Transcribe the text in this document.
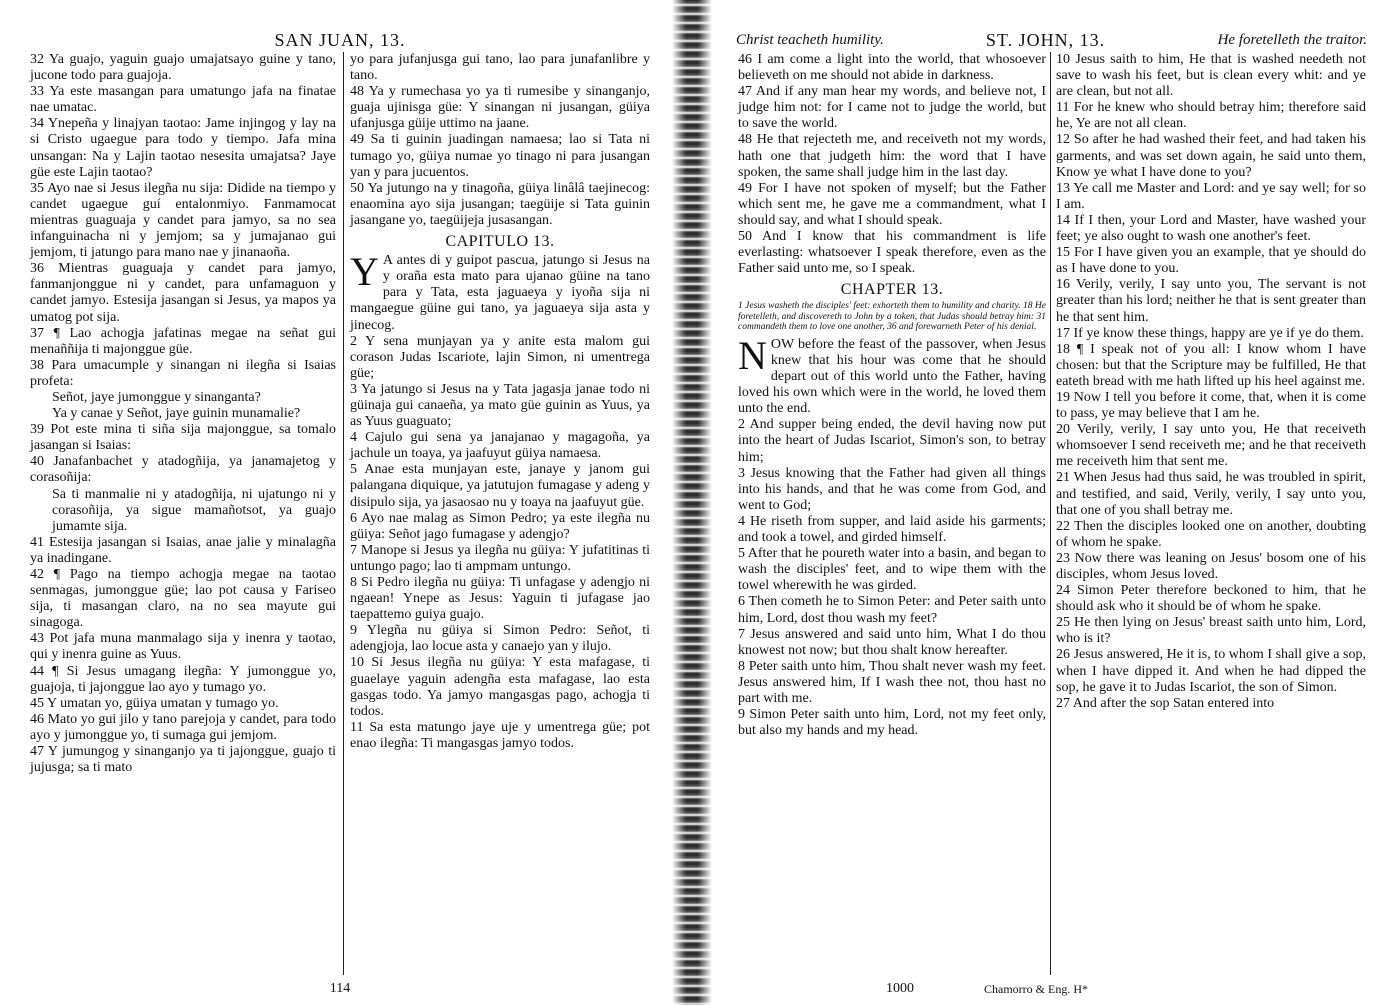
SAN JUAN, 13.

32 Ya guajo, yaguin guajo umajatsayo guine y tano, jucone todo para guajoja.

33 Ya este masangan para umatungo jafa na finatae nae umatac.

34 Ynepeña y linajyan taotao: Jame injingog y lay na si Cristo ugaegue para todo y tiempo. Jafa mina unsangan: Na y Lajin taotao nesesita umajatsa? Jaye güe este Lajin taotao?

35 Ayo nae si Jesus ilegña nu sija: Didide na tiempo y candet ugaegue guí entalonmiyo. Fanmamocat mientras guaguaja y candet para jamyo, sa no sea infanguinacha ni y jemjom; sa y jumajanao gui jemjom, ti jatungo para mano nae y jinanaoña.

36 Mientras guaguaja y candet para jamyo, fanmanjonggue ni y candet, para unfamaguon y candet jamyo. Estesija jasangan si Jesus, ya mapos ya umatog pot sija.

37 ¶ Lao achogja jafatinas megae na señat gui menaññija ti majonggue güe.

38 Para umacumple y sinangan ni ilegña si Isaias profeta:

Señot, jaye jumonggue y sinanganta?

Ya y canae y Señot, jaye guinin munamalie?

39 Pot este mina ti siña sija majonggue, sa tomalo jasangan si Isaias:

40 Janafanbachet y atadogñija, ya janamajetog y corasoñija:

Sa ti manmalie ni y atadogñija, ni ujatungo ni y corasoñija, ya sigue mamañotsot, ya guajo jumamte sija.

41 Estesija jasangan si Isaias, anae jalie y minalagña ya inadingane.

42 ¶ Pago na tiempo achogja megae na taotao senmagas, jumonggue güe; lao pot causa y Fariseo sija, ti masangan claro, na no sea mayute gui sinagoga.

43 Pot jafa muna manmalago sija y inenra y taotao, qui y inenra guine as Yuus.

44 ¶ Si Jesus umagang ilegña: Y jumonggue yo, guajoja, ti jajonggue lao ayo y tumago yo.

45 Y umatan yo, güiya umatan y tumago yo.

46 Mato yo gui jilo y tano parejoja y candet, para todo ayo y jumonggue yo, ti sumaga gui jemjom.

47 Y jumungog y sinanganjo ya ti jajonggue, guajo ti jujusga; sa ti mato

yo para jufanjusga gui tano, lao para junafanlibre y tano.

48 Ya y rumechasa yo ya ti rumesibe y sinanganjo, guaja ujinisga güe: Y sinangan ni jusangan, güiya ufanjusga güije uttimo na jaane.

49 Sa ti guinin juadingan namaesa; lao si Tata ni tumago yo, güiya numae yo tinago ni para jusangan yan y para jucuentos.

50 Ya jutungo na y tinagoña, güiya linâlâ taejinecog: enaomina ayo sija jusangan; taegüije si Tata guinin jasangane yo, taegüijeja jusasangan.

CAPITULO 13.

Y A antes di y guipot pascua, jatungo si Jesus na y oraña esta mato para ujanao güine na tano para y Tata, esta jaguaeya y iyoña sija ni mangaegue güine gui tano, ya jaguaeya sija asta y jinecog.

2 Y sena munjayan ya y anite esta malom gui corason Judas Iscariote, lajin Simon, ni umentrega güe;

3 Ya jatungo si Jesus na y Tata jagasja janae todo ni güinaja gui canaeña, ya mato güe guinin as Yuus, ya as Yuus guaguato;

4 Cajulo gui sena ya janajanao y magagoña, ya jachule un toaya, ya jaafuyut güiya namaesa.

5 Anae esta munjayan este, janaye y janom gui palangana diquique, ya jatutujon fumagase y adeng y disipulo sija, ya jasaosao nu y toaya na jaafuyut güe.

6 Ayo nae malag as Simon Pedro; ya este ilegña nu güiya: Señot jago fumagase y adengjo?

7 Manope si Jesus ya ilegña nu güiya: Y jufatitinas ti untungo pago; lao ti ampmam untungo.

8 Si Pedro ilegña nu güiya: Ti unfagase y adengjo ni ngaean! Ynepe as Jesus: Yaguin ti jufagase jao taepattemo guiya guajo.

9 Ylegña nu güiya si Simon Pedro: Señot, ti adengjoja, lao locue asta y canaejo yan y ilujo.

10 Si Jesus ilegña nu güiya: Y esta mafagase, ti guaelaye yaguin adengña esta mafagase, lao esta gasgas todo. Ya jamyo mangasgas pago, achogja ti todos.

11 Sa esta matungo jaye uje y umentrega güe; pot enao ilegña: Ti mangasgas jamyo todos.

114
Christ teacheth humility.	ST. JOHN, 13.	He foretelleth the traitor.

46 I am come a light into the world, that whosoever believeth on me should not abide in darkness.

47 And if any man hear my words, and believe not, I judge him not: for I came not to judge the world, but to save the world.

48 He that rejecteth me, and receiveth not my words, hath one that judgeth him: the word that I have spoken, the same shall judge him in the last day.

49 For I have not spoken of myself; but the Father which sent me, he gave me a commandment, what I should say, and what I should speak.

50 And I know that his commandment is life everlasting: whatsoever I speak therefore, even as the Father said unto me, so I speak.

CHAPTER 13.
1 Jesus washeth the disciples' feet: exhorteth them to humility and charity. 18 He foretelleth, and discovereth to John by a token, that Judas should betray him: 31 commandeth them to love one another, 36 and forewarneth Peter of his denial.

NOW before the feast of the passover, when Jesus knew that his hour was come that he should depart out of this world unto the Father, having loved his own which were in the world, he loved them unto the end.

2 And supper being ended, the devil having now put into the heart of Judas Iscariot, Simon's son, to betray him;

3 Jesus knowing that the Father had given all things into his hands, and that he was come from God, and went to God;

4 He riseth from supper, and laid aside his garments; and took a towel, and girded himself.

5 After that he poureth water into a basin, and began to wash the disciples' feet, and to wipe them with the towel wherewith he was girded.

6 Then cometh he to Simon Peter: and Peter saith unto him, Lord, dost thou wash my feet?

7 Jesus answered and said unto him, What I do thou knowest not now; but thou shalt know hereafter.

8 Peter saith unto him, Thou shalt never wash my feet. Jesus answered him, If I wash thee not, thou hast no part with me.

9 Simon Peter saith unto him, Lord, not my feet only, but also my hands and my head.

10 Jesus saith to him, He that is washed needeth not save to wash his feet, but is clean every whit: and ye are clean, but not all.

11 For he knew who should betray him; therefore said he, Ye are not all clean.

12 So after he had washed their feet, and had taken his garments, and was set down again, he said unto them, Know ye what I have done to you?

13 Ye call me Master and Lord: and ye say well; for so I am.

14 If I then, your Lord and Master, have washed your feet; ye also ought to wash one another's feet.

15 For I have given you an example, that ye should do as I have done to you.

16 Verily, verily, I say unto you, The servant is not greater than his lord; neither he that is sent greater than he that sent him.

17 If ye know these things, happy are ye if ye do them.

18 ¶ I speak not of you all: I know whom I have chosen: but that the Scripture may be fulfilled, He that eateth bread with me hath lifted up his heel against me.

19 Now I tell you before it come, that, when it is come to pass, ye may believe that I am he.

20 Verily, verily, I say unto you, He that receiveth whomsoever I send receiveth me; and he that receiveth me receiveth him that sent me.

21 When Jesus had thus said, he was troubled in spirit, and testified, and said, Verily, verily, I say unto you, that one of you shall betray me.

22 Then the disciples looked one on another, doubting of whom he spake.

23 Now there was leaning on Jesus' bosom one of his disciples, whom Jesus loved.

24 Simon Peter therefore beckoned to him, that he should ask who it should be of whom he spake.

25 He then lying on Jesus' breast saith unto him, Lord, who is it?

26 Jesus answered, He it is, to whom I shall give a sop, when I have dipped it. And when he had dipped the sop, he gave it to Judas Iscariot, the son of Simon.

27 And after the sop Satan entered into

1000	Chamorro & Eng. H*
